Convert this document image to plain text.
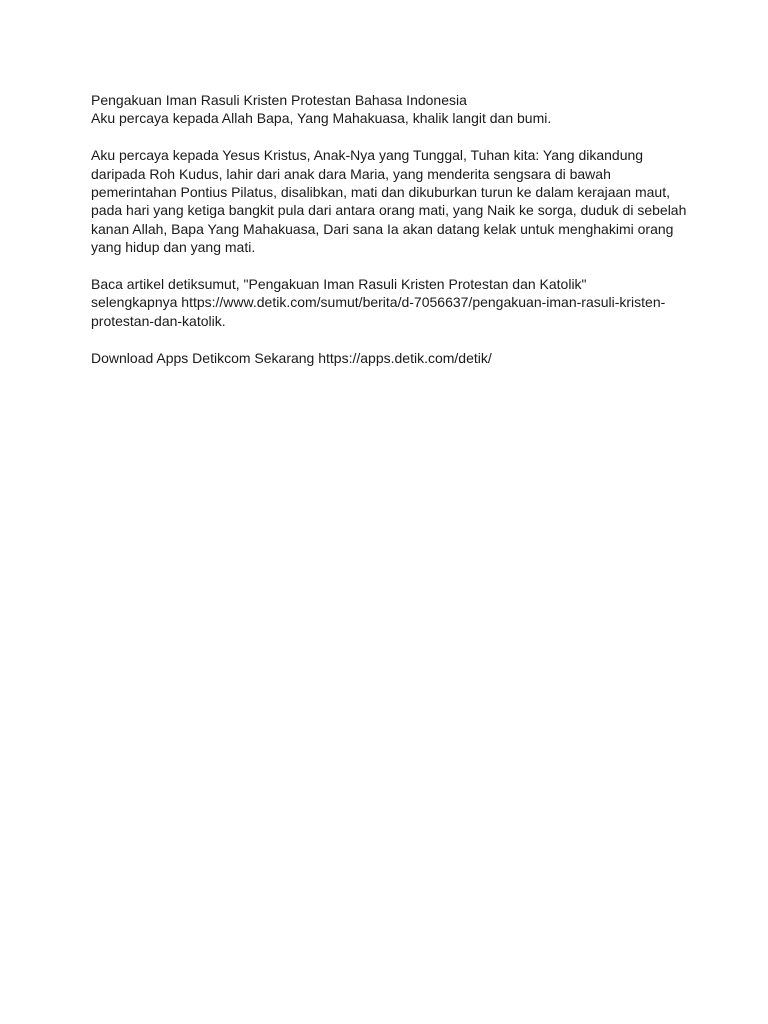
Pengakuan Iman Rasuli Kristen Protestan Bahasa Indonesia
Aku percaya kepada Allah Bapa, Yang Mahakuasa, khalik langit dan bumi.
Aku percaya kepada Yesus Kristus, Anak-Nya yang Tunggal, Tuhan kita: Yang dikandung
daripada Roh Kudus, lahir dari anak dara Maria, yang menderita sengsara di bawah
pemerintahan Pontius Pilatus, disalibkan, mati dan dikuburkan turun ke dalam kerajaan maut,
pada hari yang ketiga bangkit pula dari antara orang mati, yang Naik ke sorga, duduk di sebelah
kanan Allah, Bapa Yang Mahakuasa, Dari sana Ia akan datang kelak untuk menghakimi orang
yang hidup dan yang mati.
Baca artikel detiksumut, "Pengakuan Iman Rasuli Kristen Protestan dan Katolik"
selengkapnya https://www.detik.com/sumut/berita/d-7056637/pengakuan-iman-rasuli-kristen-
protestan-dan-katolik.
Download Apps Detikcom Sekarang https://apps.detik.com/detik/
